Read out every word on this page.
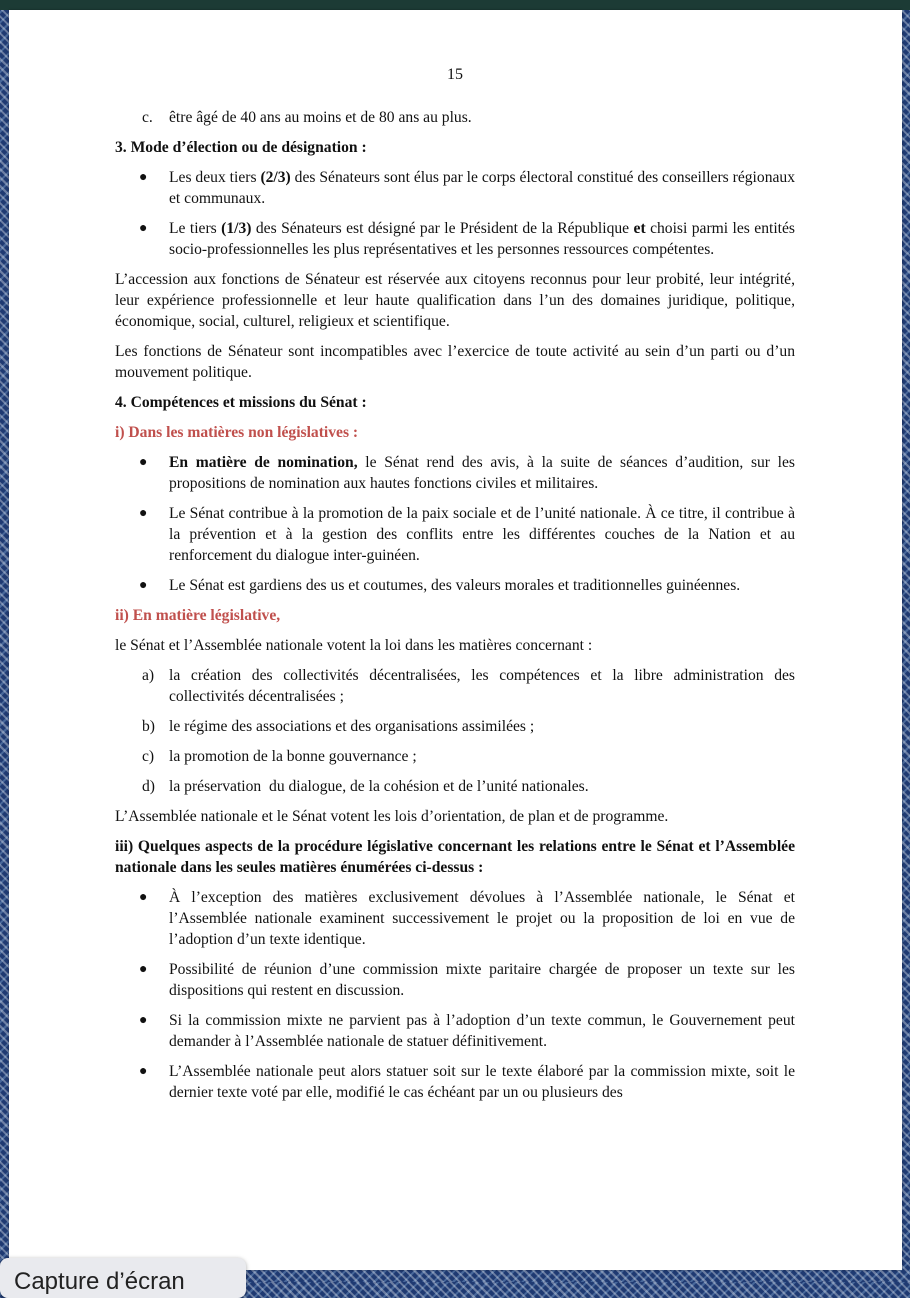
15
c. être âgé de 40 ans au moins et de 80 ans au plus.
3. Mode d’élection ou de désignation :
● Les deux tiers (2/3) des Sénateurs sont élus par le corps électoral constitué des conseillers régionaux et communaux.
● Le tiers (1/3) des Sénateurs est désigné par le Président de la République et choisi parmi les entités socio-professionnelles les plus représentatives et les personnes ressources compétentes.

L’accession aux fonctions de Sénateur est réservée aux citoyens reconnus pour leur probité, leur intégrité, leur expérience professionnelle et leur haute qualification dans l’un des domaines juridique, politique, économique, social, culturel, religieux et scientifique.

Les fonctions de Sénateur sont incompatibles avec l’exercice de toute activité au sein d’un parti ou d’un mouvement politique.

4. Compétences et missions du Sénat :
i) Dans les matières non législatives :
● En matière de nomination, le Sénat rend des avis, à la suite de séances d’audition, sur les propositions de nomination aux hautes fonctions civiles et militaires.
● Le Sénat contribue à la promotion de la paix sociale et de l’unité nationale. À ce titre, il contribue à la prévention et à la gestion des conflits entre les différentes couches de la Nation et au renforcement du dialogue inter-guinéen.
● Le Sénat est gardiens des us et coutumes, des valeurs morales et traditionnelles guinéennes.
ii) En matière législative,

le Sénat et l’Assemblée nationale votent la loi dans les matières concernant :

a) la création des collectivités décentralisées, les compétences et la libre administration des collectivités décentralisées ;
b) le régime des associations et des organisations assimilées ;
c) la promotion de la bonne gouvernance ;
d) la préservation  du dialogue, de la cohésion et de l’unité nationales.

L’Assemblée nationale et le Sénat votent les lois d’orientation, de plan et de programme.

iii) Quelques aspects de la procédure législative concernant les relations entre le Sénat et l’Assemblée nationale dans les seules matières énumérées ci-dessus :
● À l’exception des matières exclusivement dévolues à l’Assemblée nationale, le Sénat et l’Assemblée nationale examinent successivement le projet ou la proposition de loi en vue de l’adoption d’un texte identique.
● Possibilité de réunion d’une commission mixte paritaire chargée de proposer un texte sur les dispositions qui restent en discussion.
● Si la commission mixte ne parvient pas à l’adoption d’un texte commun, le Gouvernement peut demander à l’Assemblée nationale de statuer définitivement.
● L’Assemblée nationale peut alors statuer soit sur le texte élaboré par la commission mixte, soit le dernier texte voté par elle, modifié le cas échéant par un ou plusieurs des
Capture d’écran
